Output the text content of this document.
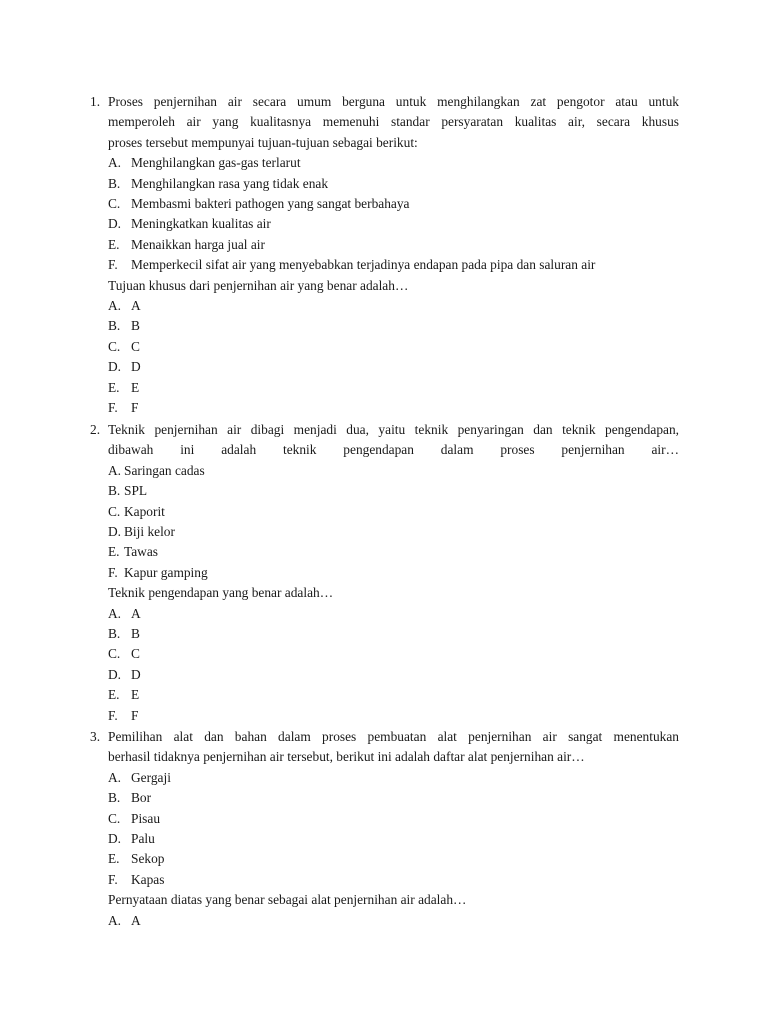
1. Proses penjernihan air secara umum berguna untuk menghilangkan zat pengotor atau untuk
memperoleh air yang kualitasnya memenuhi standar persyaratan kualitas air, secara khusus
proses tersebut mempunyai tujuan-tujuan sebagai berikut:
A. Menghilangkan gas-gas terlarut
B. Menghilangkan rasa yang tidak enak
C. Membasmi bakteri pathogen yang sangat berbahaya
D. Meningkatkan kualitas air
E. Menaikkan harga jual air
F. Memperkecil sifat air yang menyebabkan terjadinya endapan pada pipa dan saluran air
Tujuan khusus dari penjernihan air yang benar adalah…
A. A
B. B
C. C
D. D
E. E
F. F
2. Teknik penjernihan air dibagi menjadi dua, yaitu teknik penyaringan dan teknik pengendapan,
dibawah ini adalah teknik pengendapan dalam proses penjernihan air…
A. Saringan cadas
B. SPL
C. Kaporit
D. Biji kelor
E. Tawas
F. Kapur gamping
Teknik pengendapan yang benar adalah…
A. A
B. B
C. C
D. D
E. E
F. F
3. Pemilihan alat dan bahan dalam proses pembuatan alat penjernihan air sangat menentukan
berhasil tidaknya penjernihan air tersebut, berikut ini adalah daftar alat penjernihan air…
A. Gergaji
B. Bor
C. Pisau
D. Palu
E. Sekop
F. Kapas
Pernyataan diatas yang benar sebagai alat penjernihan air adalah…
A. A
